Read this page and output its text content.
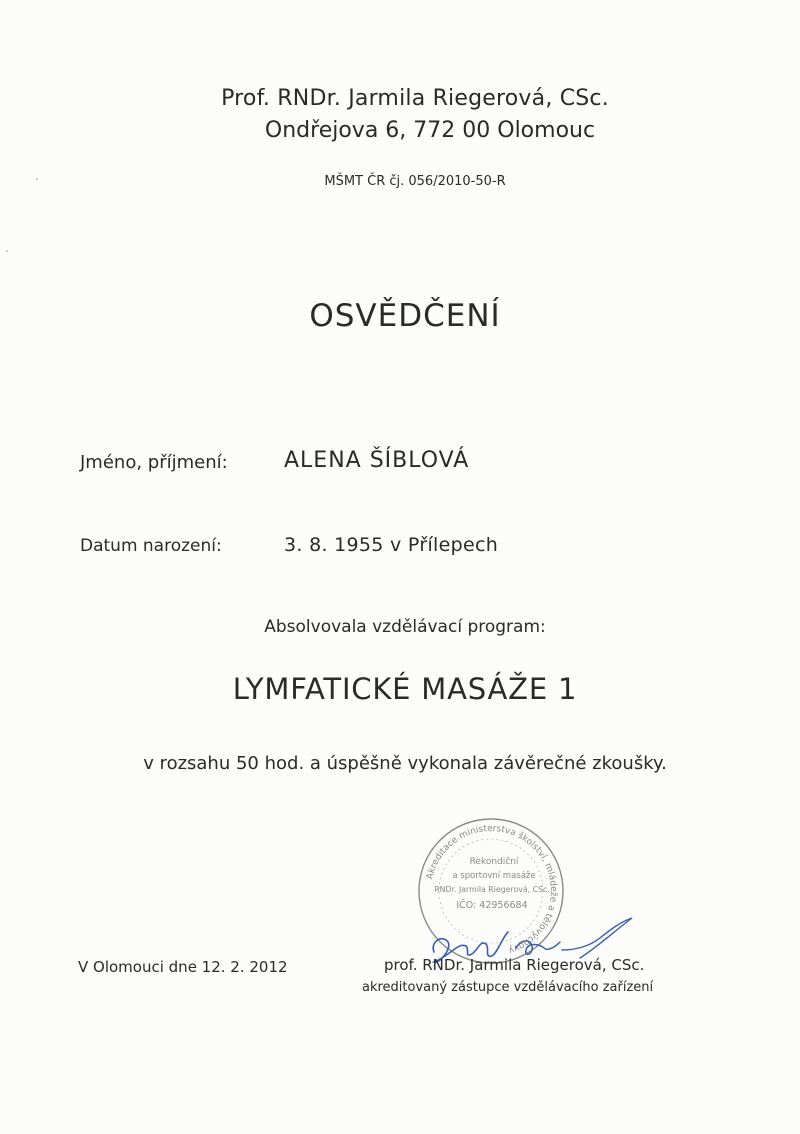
Prof. RNDr. Jarmila Riegerová, CSc.
Ondřejova 6, 772 00 Olomouc
MŠMT ČR čj. 056/2010-50-R
OSVĚDČENÍ
Jméno, příjmení:	ALENA ŠÍBLOVÁ
Datum narození:	3. 8. 1955 v Přílepech
Absolvovala vzdělávací program:
LYMFATICKÉ MASÁŽE 1
v rozsahu 50 hod. a úspěšně vykonala závěrečné zkoušky.
Akreditace ministerstva školství, mládeže a tělovýchovy
Rekondiční
a sportovní masáže
RNDr. Jarmila Riegerová, CSc.
IČO: 42956684
V Olomouci dne 12. 2. 2012	prof. RNDr. Jarmila Riegerová, CSc.
akreditovaný zástupce vzdělávacího zařízení
